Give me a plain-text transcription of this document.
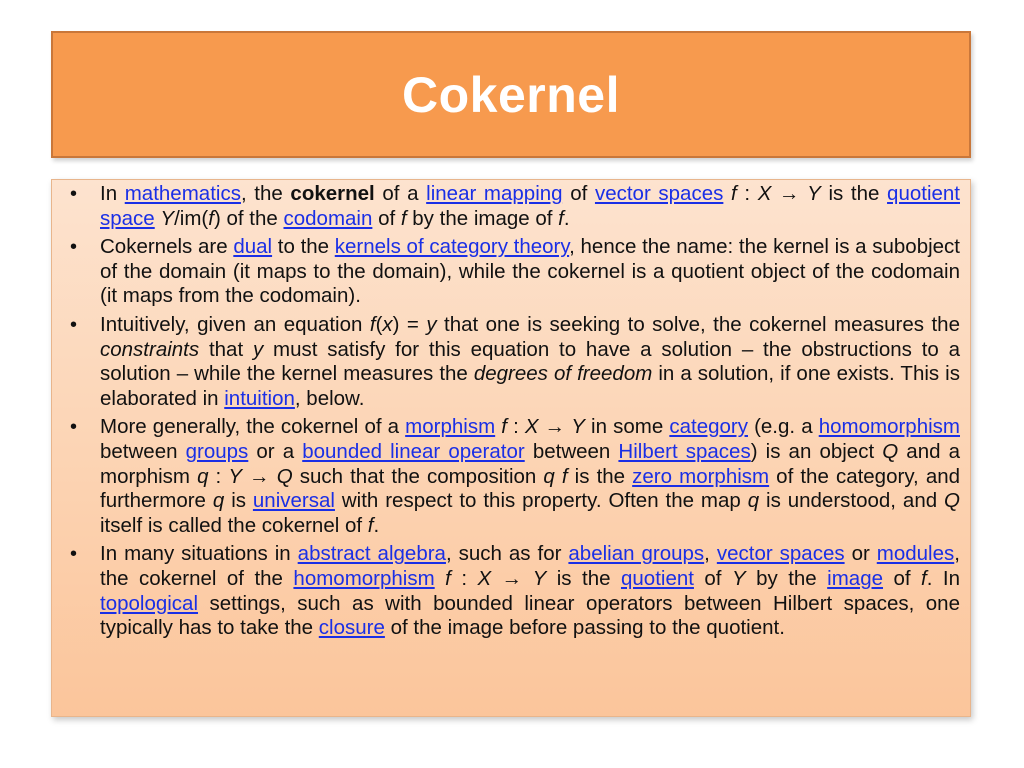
Cokernel
• In mathematics, the cokernel of a linear mapping of vector spaces f : X → Y is the quotient space Y/im(f) of the codomain of f by the image of f.
• Cokernels are dual to the kernels of category theory, hence the name: the kernel is a subobject of the domain (it maps to the domain), while the cokernel is a quotient object of the codomain (it maps from the codomain).
• Intuitively, given an equation f(x) = y that one is seeking to solve, the cokernel measures the constraints that y must satisfy for this equation to have a solution – the obstructions to a solution – while the kernel measures the degrees of freedom in a solution, if one exists. This is elaborated in intuition, below.
• More generally, the cokernel of a morphism f : X → Y in some category (e.g. a homomorphism between groups or a bounded linear operator between Hilbert spaces) is an object Q and a morphism q : Y → Q such that the composition q f is the zero morphism of the category, and furthermore q is universal with respect to this property. Often the map q is understood, and Q itself is called the cokernel of f.
• In many situations in abstract algebra, such as for abelian groups, vector spaces or modules, the cokernel of the homomorphism f : X → Y is the quotient of Y by the image of f. In topological settings, such as with bounded linear operators between Hilbert spaces, one typically has to take the closure of the image before passing to the quotient.
